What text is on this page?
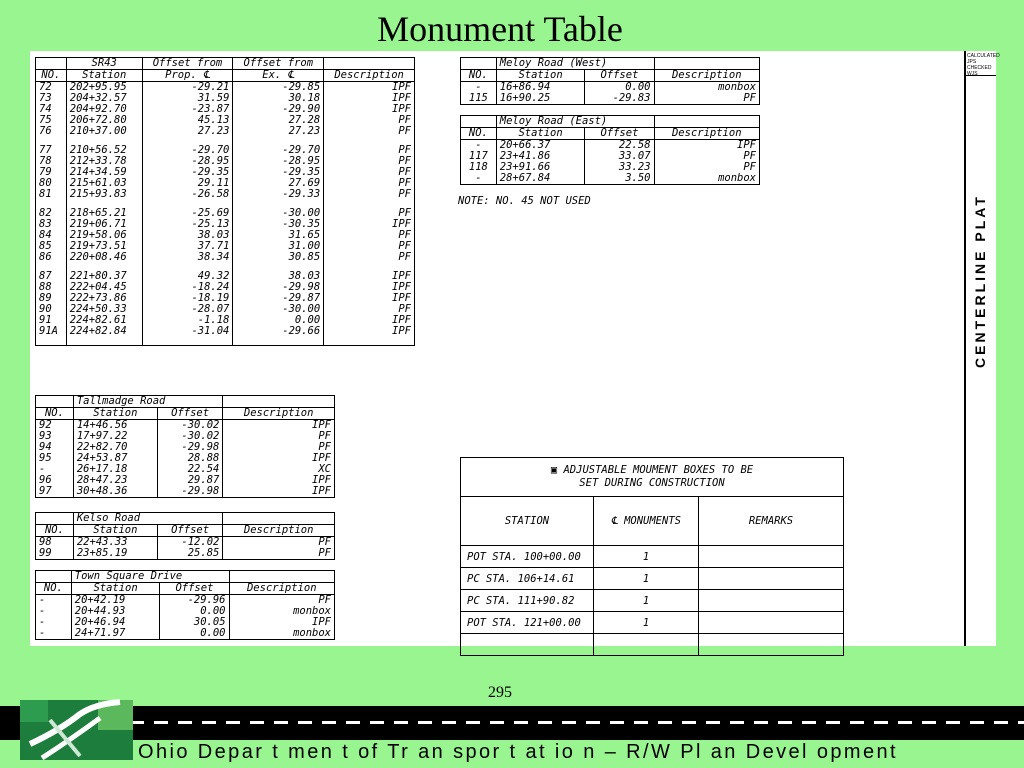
Monument Table
	SR43	Offset from	Offset from	
NO.	Station	Prop. ℄	Ex. ℄	Description
72	202+95.95	-29.21	-29.85	IPF
73	204+32.57	31.59	30.18	IPF
74	204+92.70	-23.87	-29.90	IPF
75	206+72.80	45.13	27.28	PF
76	210+37.00	27.23	27.23	PF

77	210+56.52	-29.70	-29.70	PF
78	212+33.78	-28.95	-28.95	PF
79	214+34.59	-29.35	-29.35	PF
80	215+61.03	29.11	27.69	PF
81	215+93.83	-26.58	-29.33	PF

82	218+65.21	-25.69	-30.00	PF
83	219+06.71	-25.13	-30.35	IPF
84	219+58.06	38.03	31.65	PF
85	219+73.51	37.71	31.00	PF
86	220+08.46	38.34	30.85	PF

87	221+80.37	49.32	38.03	IPF
88	222+04.45	-18.24	-29.98	IPF
89	222+73.86	-18.19	-29.87	IPF
90	224+50.33	-28.07	-30.00	PF
91	224+82.61	-1.18	0.00	IPF
91A	224+82.84	-31.04	-29.66	IPF

	Tallmadge Road		
NO.	Station	Offset	Description
92	14+46.56	-30.02	IPF
93	17+97.22	-30.02	PF
94	22+82.70	-29.98	PF
95	24+53.87	28.88	IPF
-	26+17.18	22.54	XC
96	28+47.23	29.87	IPF
97	30+48.36	-29.98	IPF
	Kelso Road		
NO.	Station	Offset	Description
98	22+43.33	-12.02	PF
99	23+85.19	25.85	PF
	Town Square Drive		
NO.	Station	Offset	Description
-	20+42.19	-29.96	PF
-	20+44.93	0.00	monbox
-	20+46.94	30.05	IPF
-	24+71.97	0.00	monbox
	Meloy Road (West)		
NO.	Station	Offset	Description
-	16+86.94	0.00	monbox
115	16+90.25	-29.83	PF
	Meloy Road (East)		
NO.	Station	Offset	Description
-	20+66.37	22.58	IPF
117	23+41.86	33.07	PF
118	23+91.66	33.23	PF
-	28+67.84	3.50	monbox
NOTE: NO. 45 NOT USED
▣ ADJUSTABLE MOUMENT BOXES TO BE
SET DURING CONSTRUCTION		

STATION	℄ MONUMENTS	REMARKS
POT STA. 100+00.00	1	
PC STA. 106+14.61	1	
PC STA. 111+90.82	1	
POT STA. 121+00.00	1	

CALCULATED
JPS
CHECKED
WJS
CENTERLINE PLAT
295
Ohio Depar t men t of Tr an spor t at io n – R/W Pl an Devel opment
